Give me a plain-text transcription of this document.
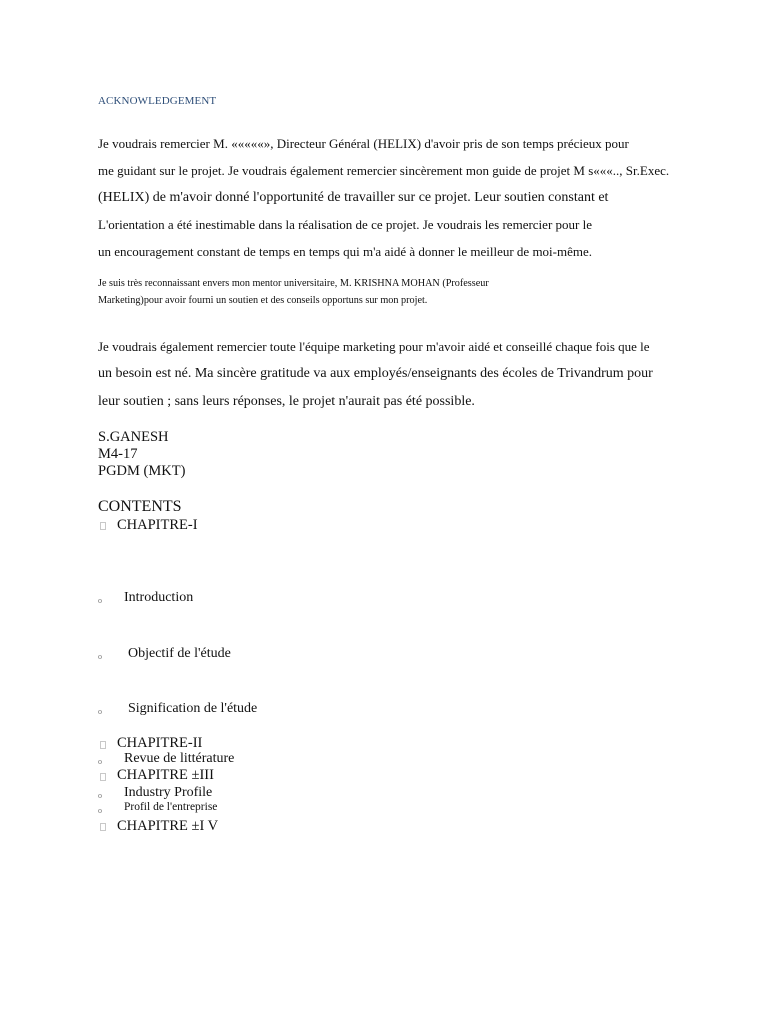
ACKNOWLEDGEMENT
Je voudrais remercier M. «««««», Directeur Général (HELIX) d'avoir pris de son temps précieux pour
me guidant sur le projet. Je voudrais également remercier sincèrement mon guide de projet M s«««.., Sr.Exec.
(HELIX) de m'avoir donné l'opportunité de travailler sur ce projet. Leur soutien constant et
L'orientation a été inestimable dans la réalisation de ce projet. Je voudrais les remercier pour le
un encouragement constant de temps en temps qui m'a aidé à donner le meilleur de moi-même.
Je suis très reconnaissant envers mon mentor universitaire, M. KRISHNA MOHAN (Professeur
Marketing)pour avoir fourni un soutien et des conseils opportuns sur mon projet.
Je voudrais également remercier toute l'équipe marketing pour m'avoir aidé et conseillé chaque fois que le
un besoin est né. Ma sincère gratitude va aux employés/enseignants des écoles de Trivandrum pour
leur soutien ; sans leurs réponses, le projet n'aurait pas été possible.
S.GANESH
M4-17
PGDM (MKT)
CONTENTS
CHAPITRE-I
o Introduction
o Objectif de l'étude
o Signification de l'étude
CHAPITRE-II
o Revue de littérature
CHAPITRE ±III
o Industry Profile
o Profil de l'entreprise
CHAPITRE ±I V
